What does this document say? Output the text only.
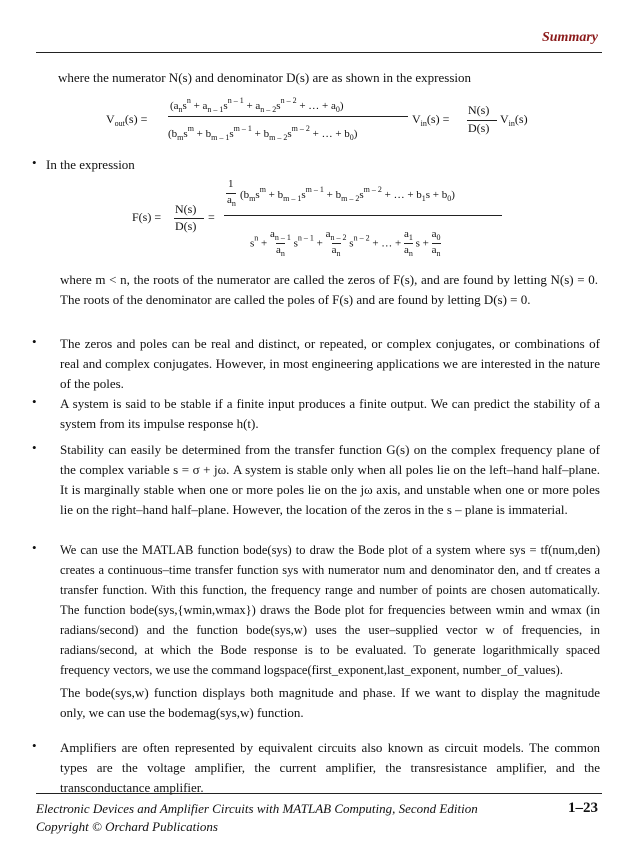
Summary
where the numerator N(s) and denominator D(s) are as shown in the expression
$V_{out}(s)$ =
($a_ns^n + a_{n - 1}s^{n - 1} + a_{n - 2}s^{n - 2}$ + … + $a_0$)
($b_ms^m + b_{m - 1}s^{m - 1} + b_{m - 2}s^{m - 2}$ + … + $b_0$)
$V_{in}(s)$ =
N(s)
D(s)
$V_{in}(s)$
• In the expression
F(s) =
N(s)
D(s)
=
1
$a_n$
($b_ms^m + b_{m - 1}s^{m - 1} + b_{m - 2}s^{m - 2}$ + … + $b_1s + b_0$)
$s^n + a_{n - 1}$
$a_n$ $s^{n - 1} + a_{n - 2}$
$a_n$ $s^{n - 2}$ + … + $a_1$
$a_n$ $s + a_0$
$a_n$
where m < n, the roots of the numerator are called the zeros of F(s), and are found by letting N(s) = 0. The roots of the denominator are called the poles of F(s) and are found by letting D(s) = 0.
• The zeros and poles can be real and distinct, or repeated, or complex conjugates, or combinations of real and complex conjugates. However, in most engineering applications we are interested in the nature of the poles.
• A system is said to be stable if a finite input produces a finite output. We can predict the stability of a system from its impulse response h(t).
• Stability can easily be determined from the transfer function G(s) on the complex frequency plane of the complex variable s = σ + jω. A system is stable only when all poles lie on the left–hand half–plane. It is marginally stable when one or more poles lie on the jω axis, and unstable when one or more poles lie on the right–hand half–plane. However, the location of the zeros in the s – plane is immaterial.
• We can use the MATLAB function bode(sys) to draw the Bode plot of a system where sys = tf(num,den) creates a continuous–time transfer function sys with numerator num and denominator den, and tf creates a transfer function. With this function, the frequency range and number of points are chosen automatically. The function bode(sys,{wmin,wmax}) draws the Bode plot for frequencies between wmin and wmax (in radians/second) and the function bode(sys,w) uses the user–supplied vector w of frequencies, in radians/second, at which the Bode response is to be evaluated. To generate logarithmically spaced frequency vectors, we use the command logspace(first_exponent,last_exponent, number_of_values).
The bode(sys,w) function displays both magnitude and phase. If we want to display the magnitude only, we can use the bodemag(sys,w) function.
• Amplifiers are often represented by equivalent circuits also known as circuit models. The common types are the voltage amplifier, the current amplifier, the transresistance amplifier, and the transconductance amplifier.
Electronic Devices and Amplifier Circuits with MATLAB Computing, Second Edition
Copyright © Orchard Publications
1–23
